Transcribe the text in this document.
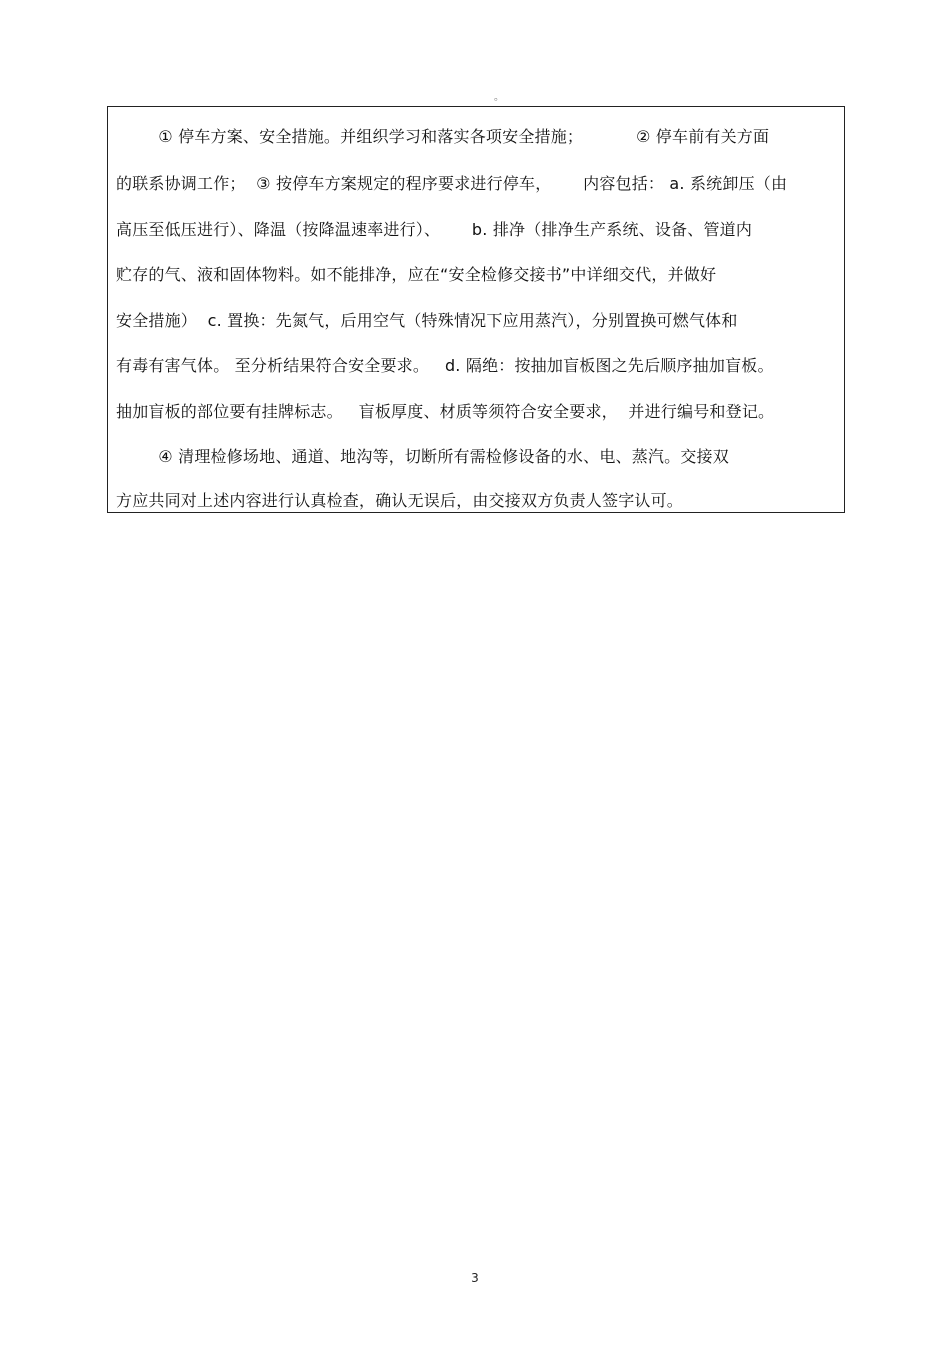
。
① 停车方案、安全措施。并组织学习和落实各项安全措施；          ② 停车前有关方面
的联系协调工作；  ③ 按停车方案规定的程序要求进行停车，      内容包括： a. 系统卸压（由
高压至低压进行）、降温（按降温速率进行）、      b. 排净（排净生产系统、设备、管道内
贮存的气、液和固体物料。如不能排净，应在“安全检修交接书”中详细交代，并做好
安全措施）  c. 置换：先氮气，后用空气（特殊情况下应用蒸汽），分别置换可燃气体和
有毒有害气体。 至分析结果符合安全要求。   d. 隔绝：按抽加盲板图之先后顺序抽加盲板。
抽加盲板的部位要有挂牌标志。   盲板厚度、材质等须符合安全要求，  并进行编号和登记。
④ 清理检修场地、通道、地沟等，切断所有需检修设备的水、电、蒸汽。交接双
方应共同对上述内容进行认真检查，确认无误后，由交接双方负责人签字认可。
3
